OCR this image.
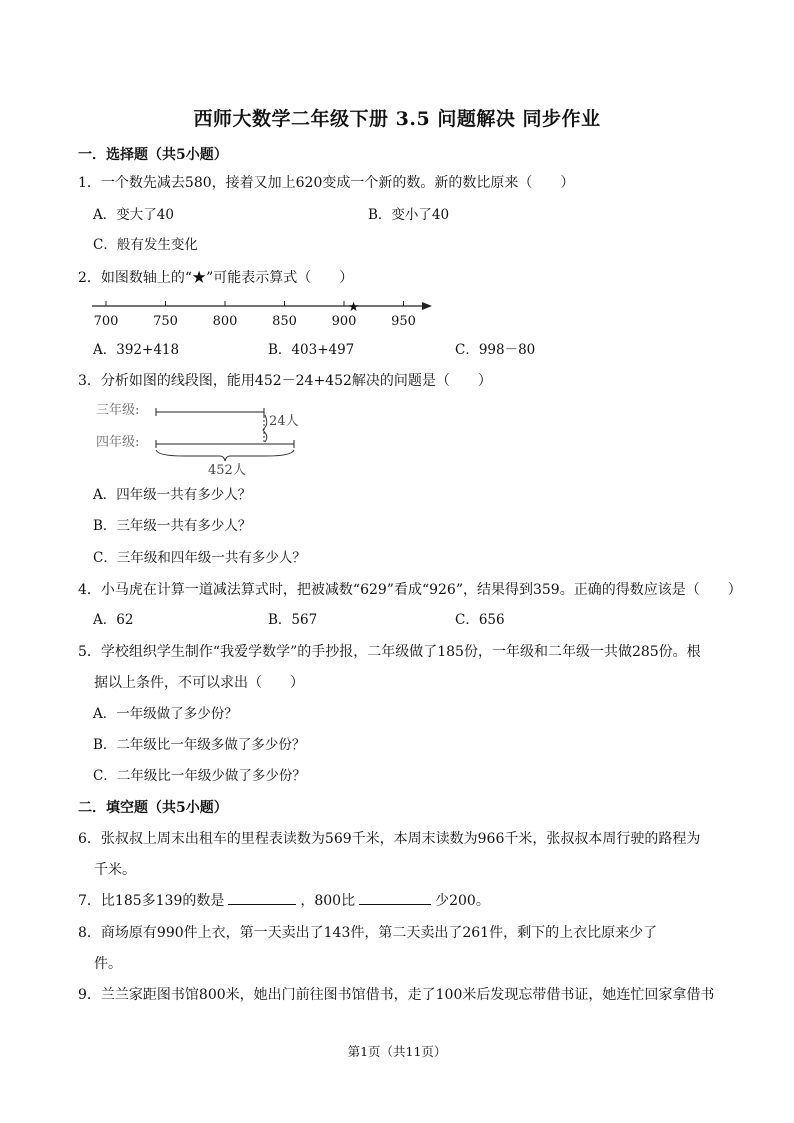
西师大数学二年级下册 3.5 问题解决 同步作业
一．选择题（共5小题）
1．一个数先减去580，接着又加上620变成一个新的数。新的数比原来（　　）
A．变大了40	B．变小了40
C．般有发生变化
2．如图数轴上的“★”可能表示算式（　　）
700	750	800	850	900	950
★
A．392+418	B．403+497	C．998－80
3．分析如图的线段图，能用452－24+452解决的问题是（　　）
三年级:
24人
四年级:
452人
A．四年级一共有多少人？
B．三年级一共有多少人？
C．三年级和四年级一共有多少人？
4．小马虎在计算一道减法算式时，把被减数“629”看成“926”，结果得到359。正确的得数应该是（　　）
A．62	B．567	C．656
5．学校组织学生制作“我爱学数学”的手抄报，二年级做了185份，一年级和二年级一共做285份。根
据以上条件，不可以求出（　　）
A．一年级做了多少份？
B．二年级比一年级多做了多少份？
C．二年级比一年级少做了多少份？
二．填空题（共5小题）
6．张叔叔上周末出租车的里程表读数为569千米，本周末读数为966千米，张叔叔本周行驶的路程为
千米。
7．比185多139的数是	，800比	少200。
8．商场原有990件上衣，第一天卖出了143件，第二天卖出了261件，剩下的上衣比原来少了
件。
9．兰兰家距图书馆800米，她出门前往图书馆借书，走了100米后发现忘带借书证，她连忙回家拿借书
第1页（共11页）
